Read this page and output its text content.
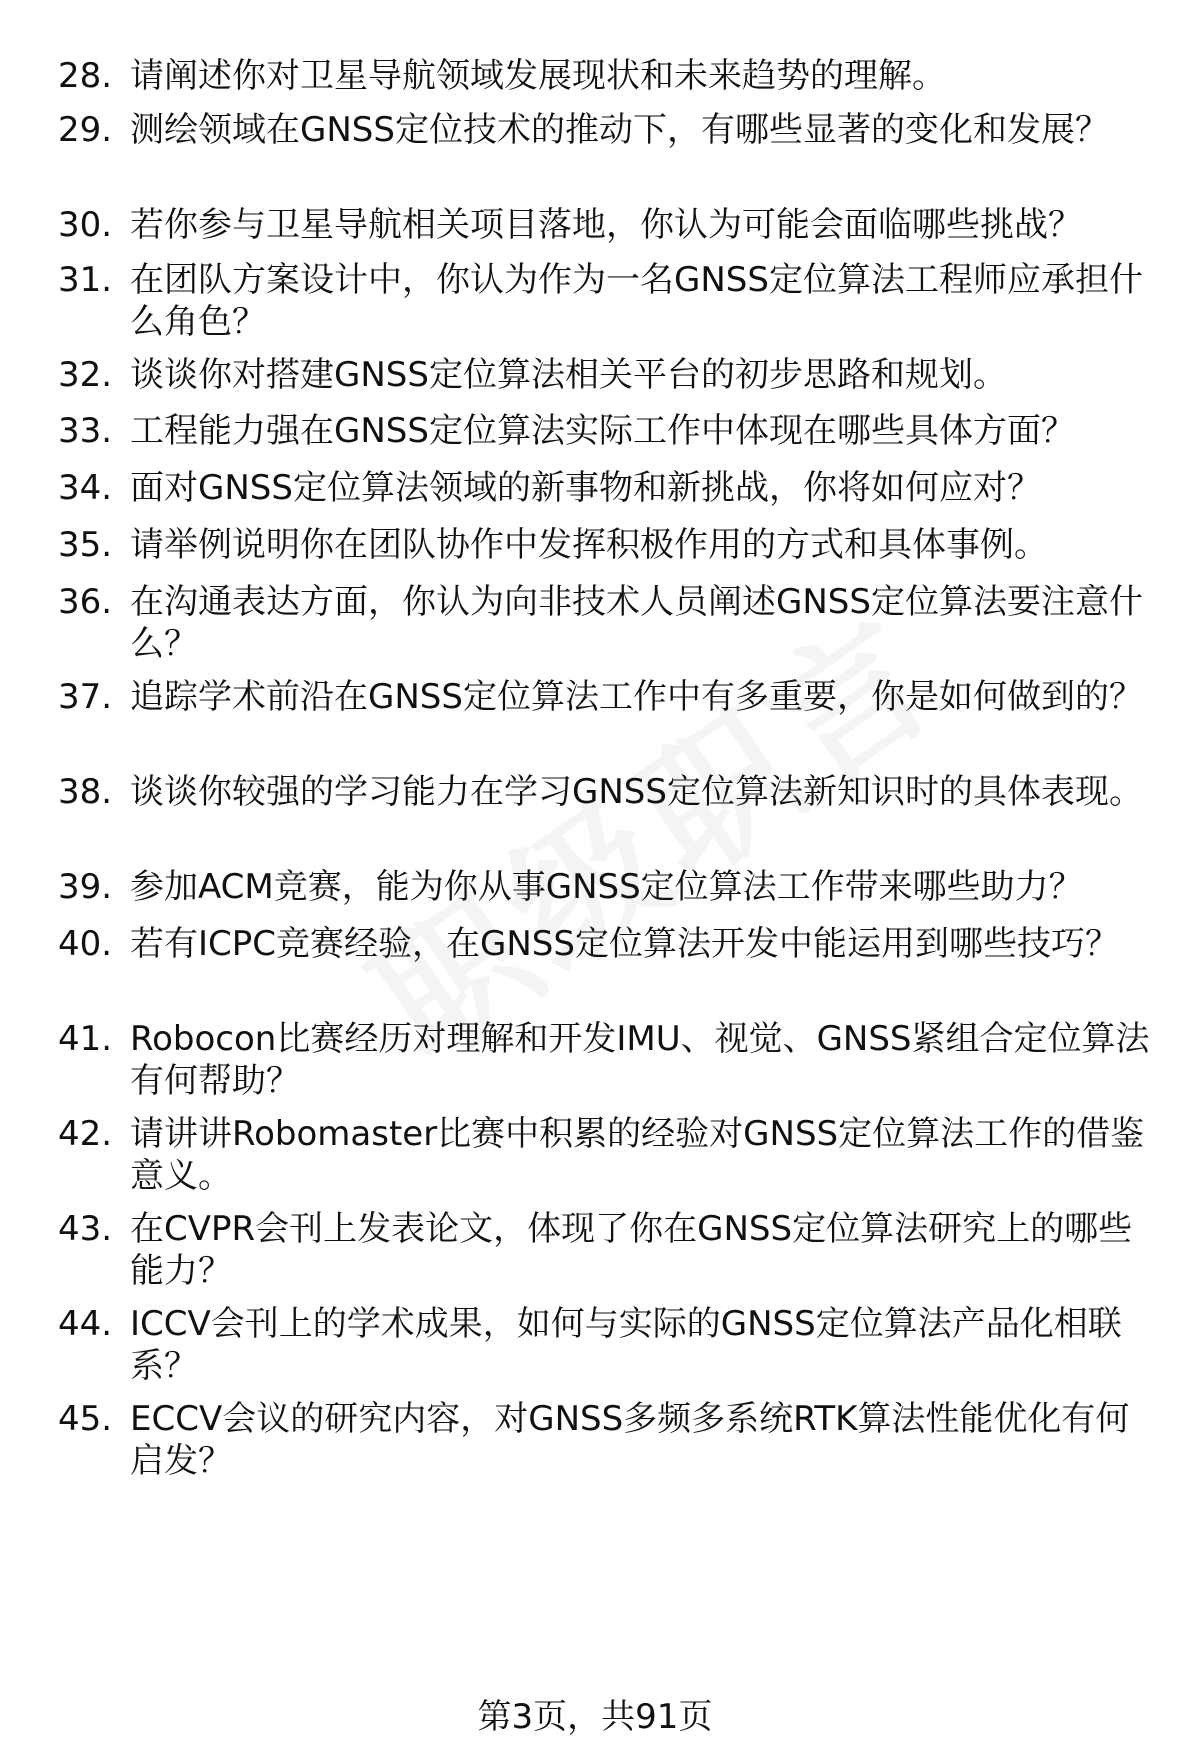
28. 请阐述你对卫星导航领域发展现状和未来趋势的理解。
29. 测绘领域在GNSS定位技术的推动下，有哪些显著的变化和发展？
30. 若你参与卫星导航相关项目落地，你认为可能会面临哪些挑战？
31. 在团队方案设计中，你认为作为一名GNSS定位算法工程师应承担什么角色？
32. 谈谈你对搭建GNSS定位算法相关平台的初步思路和规划。
33. 工程能力强在GNSS定位算法实际工作中体现在哪些具体方面？
34. 面对GNSS定位算法领域的新事物和新挑战，你将如何应对？
35. 请举例说明你在团队协作中发挥积极作用的方式和具体事例。
36. 在沟通表达方面，你认为向非技术人员阐述GNSS定位算法要注意什么？
37. 追踪学术前沿在GNSS定位算法工作中有多重要，你是如何做到的？
38. 谈谈你较强的学习能力在学习GNSS定位算法新知识时的具体表现。
39. 参加ACM竞赛，能为你从事GNSS定位算法工作带来哪些助力？
40. 若有ICPC竞赛经验，在GNSS定位算法开发中能运用到哪些技巧？
41. Robocon比赛经历对理解和开发IMU、视觉、GNSS紧组合定位算法有何帮助？
42. 请讲讲Robomaster比赛中积累的经验对GNSS定位算法工作的借鉴意义。
43. 在CVPR会刊上发表论文，体现了你在GNSS定位算法研究上的哪些能力？
44. ICCV会刊上的学术成果，如何与实际的GNSS定位算法产品化相联系？
45. ECCV会议的研究内容，对GNSS多频多系统RTK算法性能优化有何启发？
第3页，共91页
